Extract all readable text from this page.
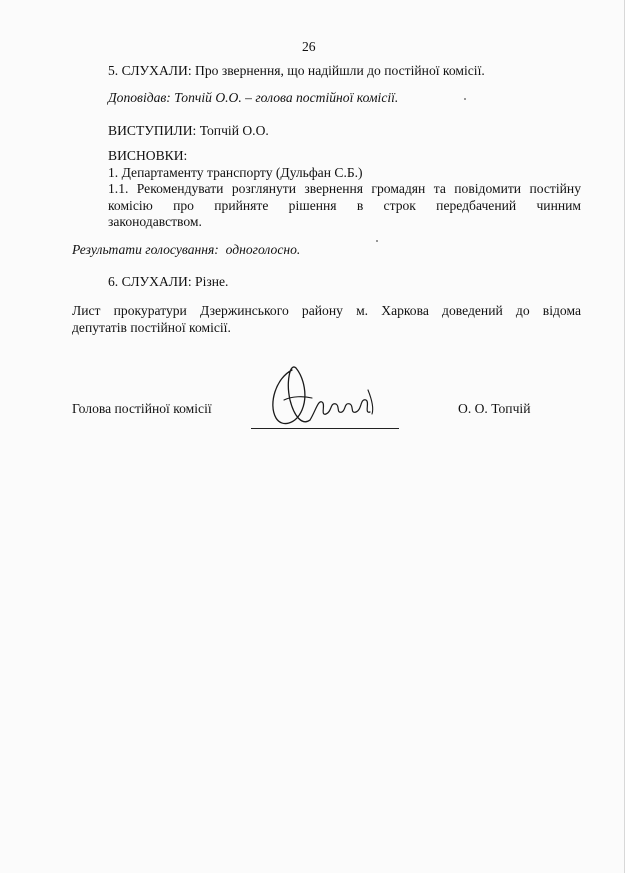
26
5. СЛУХАЛИ: Про звернення, що надійшли до постійної комісії.
Доповідав: Топчій О.О. – голова постійної комісії.
ВИСТУПИЛИ: Топчій О.О.
ВИСНОВКИ:
1. Департаменту транспорту (Дульфан С.Б.)
1.1. Рекомендувати розглянути звернення громадян та повідомити постійну
комісію про прийняте рішення в строк передбачений чинним
законодавством.
Результати голосування: одноголосно.
6. СЛУХАЛИ: Різне.
Лист прокуратури Дзержинського району м. Харкова доведений до відома
депутатів постійної комісії.
Голова постійної комісії	О. О. Топчій
